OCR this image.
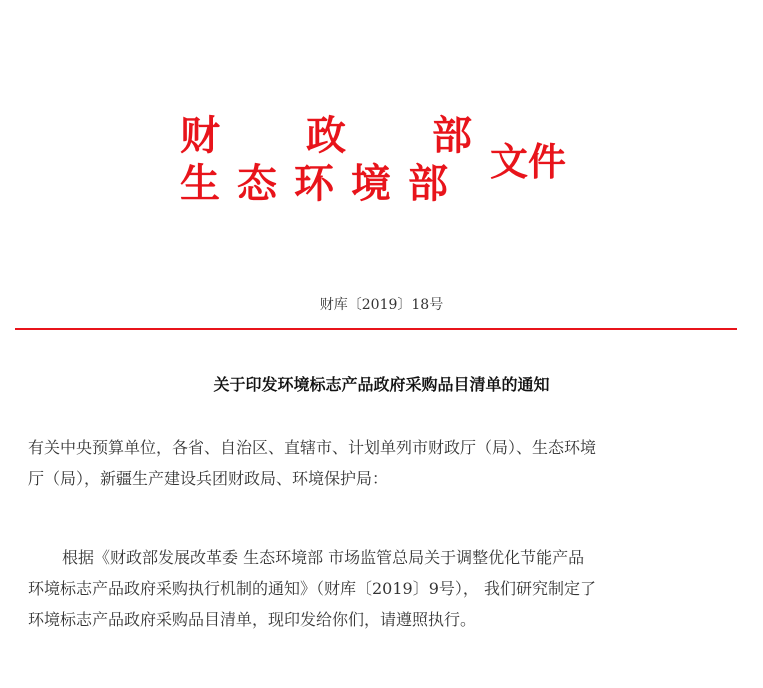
财　　政　　部
生态环境部 文件
财库〔2019〕18号
关于印发环境标志产品政府采购品目清单的通知
有关中央预算单位，各省、自治区、直辖市、计划单列市财政厅（局）、生态环境
厅（局），新疆生产建设兵团财政局、环境保护局：
根据《财政部发展改革委 生态环境部 市场监管总局关于调整优化节能产品
环境标志产品政府采购执行机制的通知》（财库〔2019〕9号）， 我们研究制定了
环境标志产品政府采购品目清单，现印发给你们，请遵照执行。
